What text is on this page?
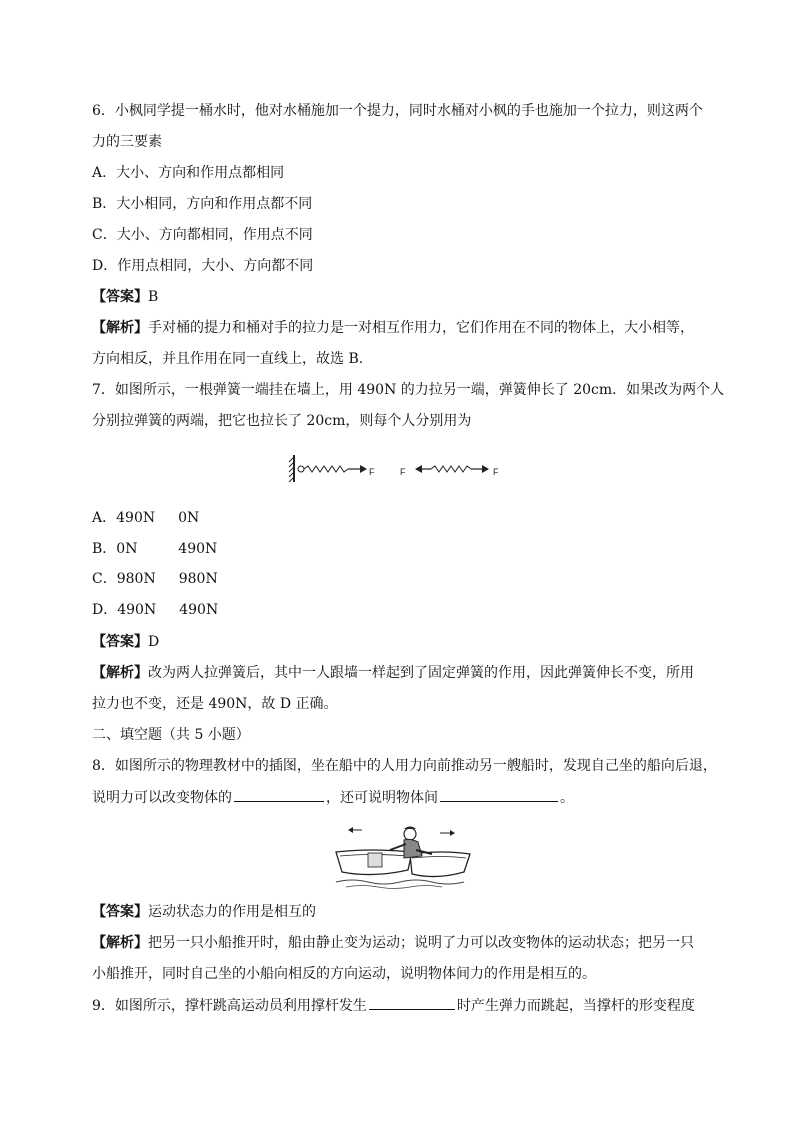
6．小枫同学提一桶水时，他对水桶施加一个提力，同时水桶对小枫的手也施加一个拉力，则这两个
力的三要素
A．大小、方向和作用点都相同
B．大小相同，方向和作用点都不同
C．大小、方向都相同，作用点不同
D．作用点相同，大小、方向都不同
【答案】B
【解析】手对桶的提力和桶对手的拉力是一对相互作用力，它们作用在不同的物体上，大小相等，
方向相反，并且作用在同一直线上，故选 B.
7．如图所示，一根弹簧一端挂在墙上，用 490N 的力拉另一端，弹簧伸长了 20cm．如果改为两个人
分别拉弹簧的两端，把它也拉长了 20cm，则每个人分别用为
F	F	F
A．490N 0N
B．0N	490N
C．980N 980N
D．490N 490N
【答案】D
【解析】改为两人拉弹簧后，其中一人跟墙一样起到了固定弹簧的作用，因此弹簧伸长不变，所用
拉力也不变，还是 490N，故 D 正确。
二、填空题（共 5 小题）
8．如图所示的物理教材中的插图，坐在船中的人用力向前推动另一艘船时，发现自己坐的船向后退，
说明力可以改变物体的	，还可说明物体间	。
【答案】运动状态力的作用是相互的
【解析】把另一只小船推开时，船由静止变为运动；说明了力可以改变物体的运动状态；把另一只
小船推开，同时自己坐的小船向相反的方向运动，说明物体间力的作用是相互的。
9．如图所示，撑杆跳高运动员利用撑杆发生	时产生弹力而跳起，当撑杆的形变程度
